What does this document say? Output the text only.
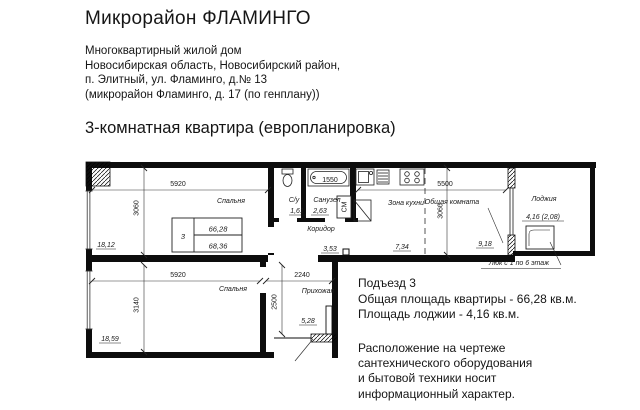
Микрорайон ФЛАМИНГО
Многоквартирный жилой дом
Новосибирская область, Новосибирский район,
п. Элитный, ул. Фламинго, д.№ 13
(микрорайон Фламинго, д. 17 (по генплану))
3-комнатная квартира (европланировка)
СМ
5920
3060
1550
5500
3060
5920
3140
2240
2500
Спальня
18,12
Спальня
18,59
С/у
1,61
Санузел
2,63
Коридор
3,53
Зона кухни
7,34
Общая комната
9,18
Прихожая
5,28
Лоджия
4,16 (2,08)
Люк с 1 по 6 этаж
3
66,28
68,36
Подъезд 3
Общая площадь квартиры - 66,28 кв.м.
Площадь лоджии - 4,16 кв.м.
Расположение на чертеже
сантехнического оборудования
и бытовой техники носит
информационный характер.
